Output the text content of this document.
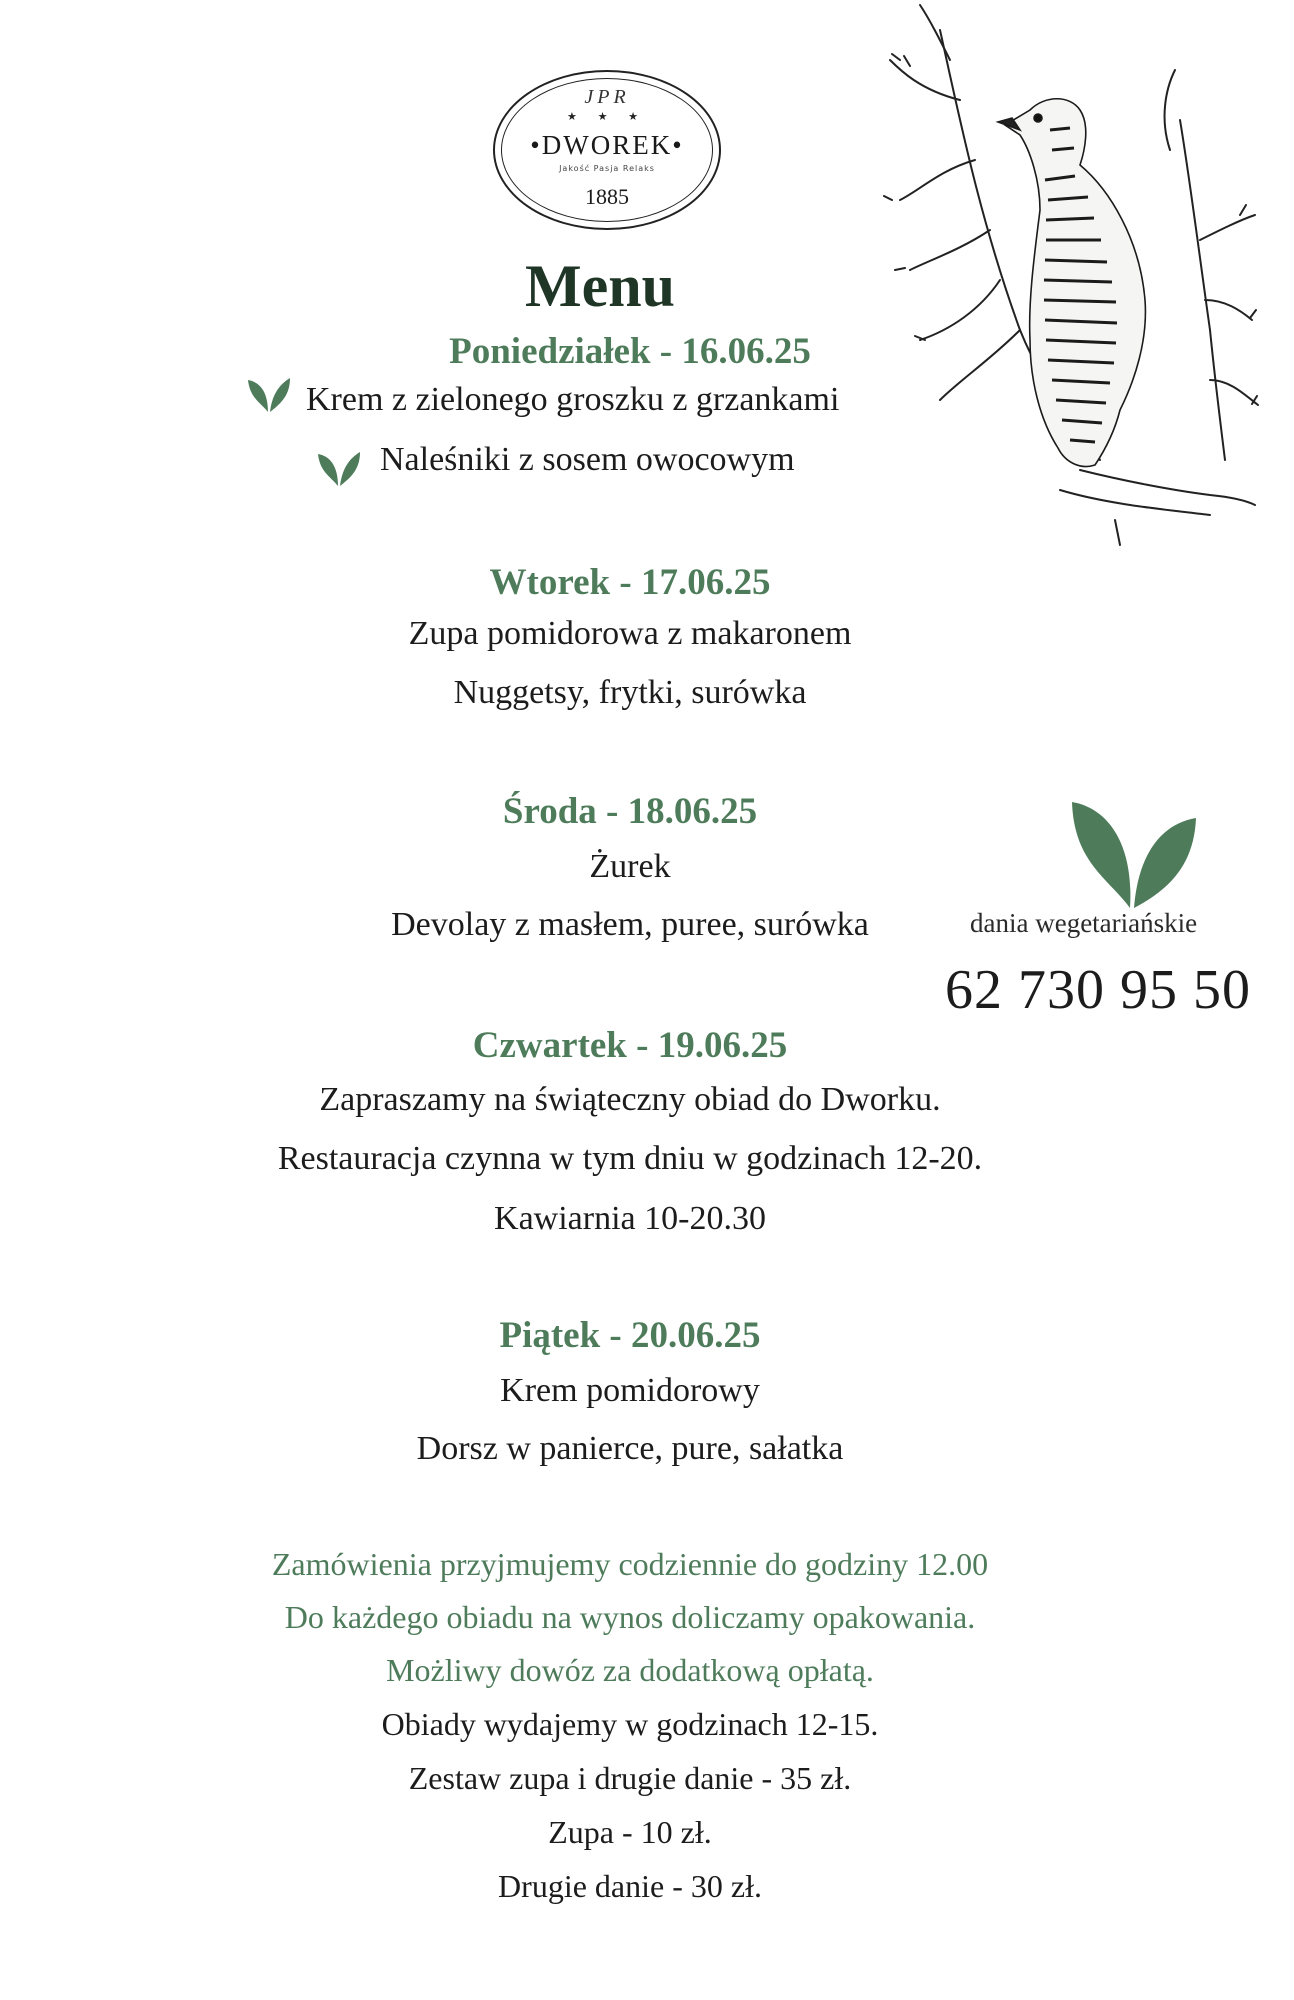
JPR
★ ★ ★
•DWOREK•
Jakość Pasja Relaks
1885
Menu
Poniedziałek - 16.06.25
Krem z zielonego groszku z grzankami
Naleśniki z sosem owocowym
Wtorek - 17.06.25
Zupa pomidorowa z makaronem
Nuggetsy, frytki, surówka
Środa - 18.06.25
Żurek
Devolay z masłem, puree, surówka	dania wegetariańskie
62 730 95 50
Czwartek - 19.06.25
Zapraszamy na świąteczny obiad do Dworku.
Restauracja czynna w tym dniu w godzinach 12-20.
Kawiarnia 10-20.30
Piątek - 20.06.25
Krem pomidorowy
Dorsz w panierce, pure, sałatka
Zamówienia przyjmujemy codziennie do godziny 12.00
Do każdego obiadu na wynos doliczamy opakowania.
Możliwy dowóz za dodatkową opłatą.
Obiady wydajemy w godzinach 12-15.
Zestaw zupa i drugie danie - 35 zł.
Zupa - 10 zł.
Drugie danie - 30 zł.
